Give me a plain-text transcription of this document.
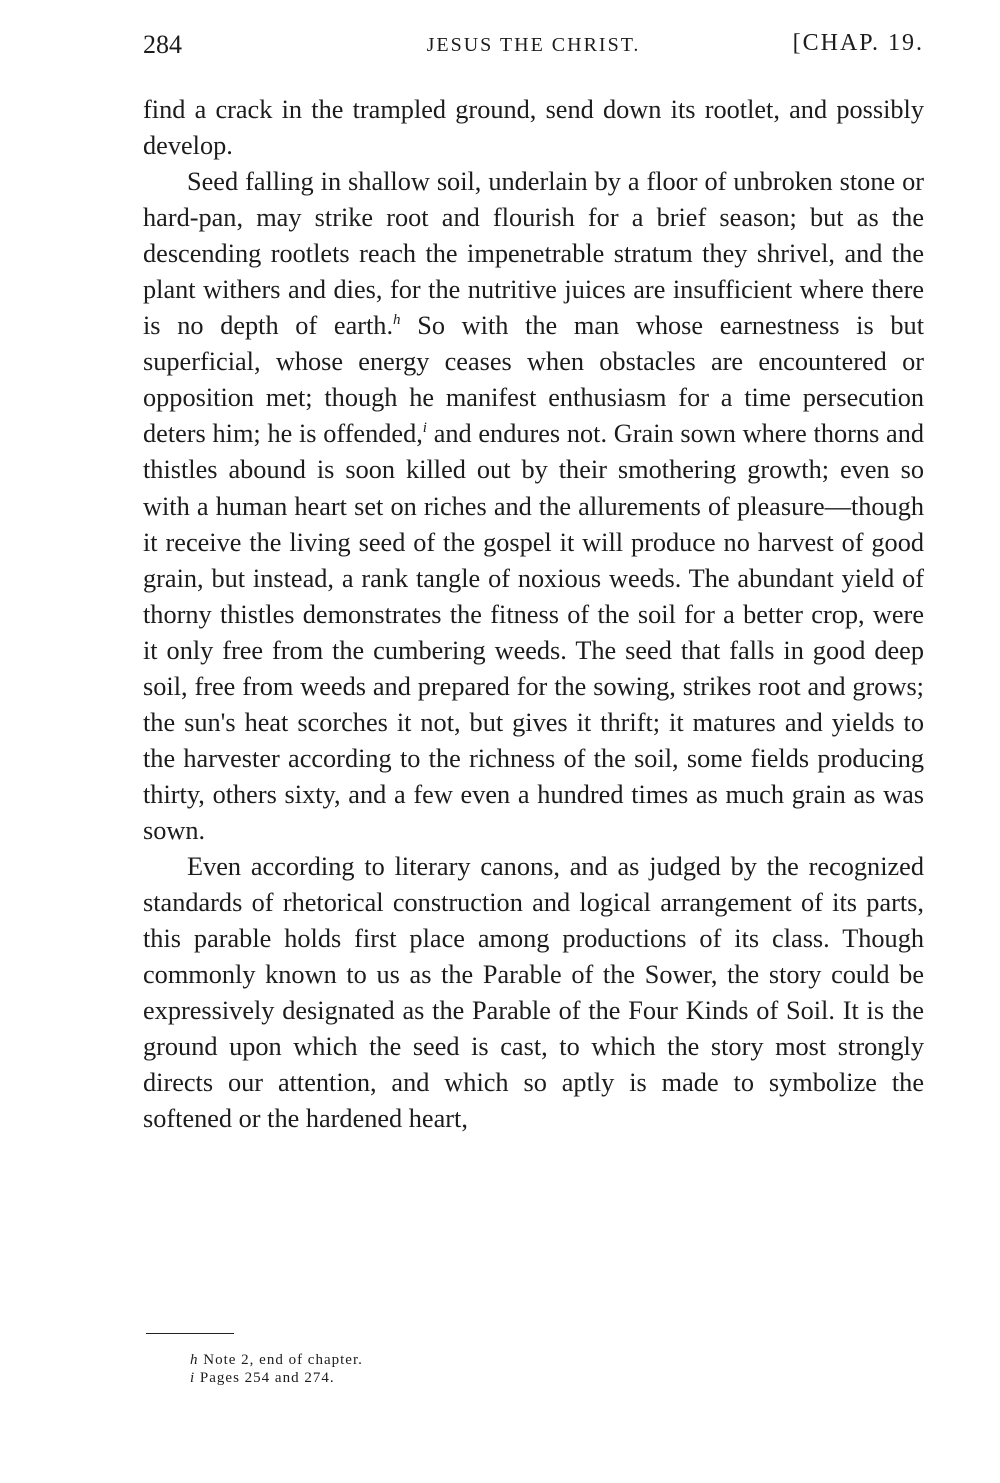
284	JESUS THE CHRIST.	[CHAP. 19.

find a crack in the trampled ground, send down its rootlet, and possibly develop.

Seed falling in shallow soil, underlain by a floor of unbroken stone or hard-pan, may strike root and flourish for a brief season; but as the descending rootlets reach the impenetrable stratum they shrivel, and the plant withers and dies, for the nutritive juices are insufficient where there is no depth of earth.$^h$ So with the man whose earnestness is but superficial, whose energy ceases when obstacles are encountered or opposition met; though he manifest enthusiasm for a time persecution deters him; he is offended,$^i$ and endures not. Grain sown where thorns and thistles abound is soon killed out by their smothering growth; even so with a human heart set on riches and the allurements of pleasure—though it receive the living seed of the gospel it will produce no harvest of good grain, but instead, a rank tangle of noxious weeds. The abundant yield of thorny thistles demonstrates the fitness of the soil for a better crop, were it only free from the cumbering weeds. The seed that falls in good deep soil, free from weeds and prepared for the sowing, strikes root and grows; the sun's heat scorches it not, but gives it thrift; it matures and yields to the harvester according to the richness of the soil, some fields producing thirty, others sixty, and a few even a hundred times as much grain as was sown.

Even according to literary canons, and as judged by the recognized standards of rhetorical construction and logical arrangement of its parts, this parable holds first place among productions of its class. Though commonly known to us as the Parable of the Sower, the story could be expressively designated as the Parable of the Four Kinds of Soil. It is the ground upon which the seed is cast, to which the story most strongly directs our attention, and which so aptly is made to symbolize the softened or the hardened heart,

h Note 2, end of chapter.
i Pages 254 and 274.
